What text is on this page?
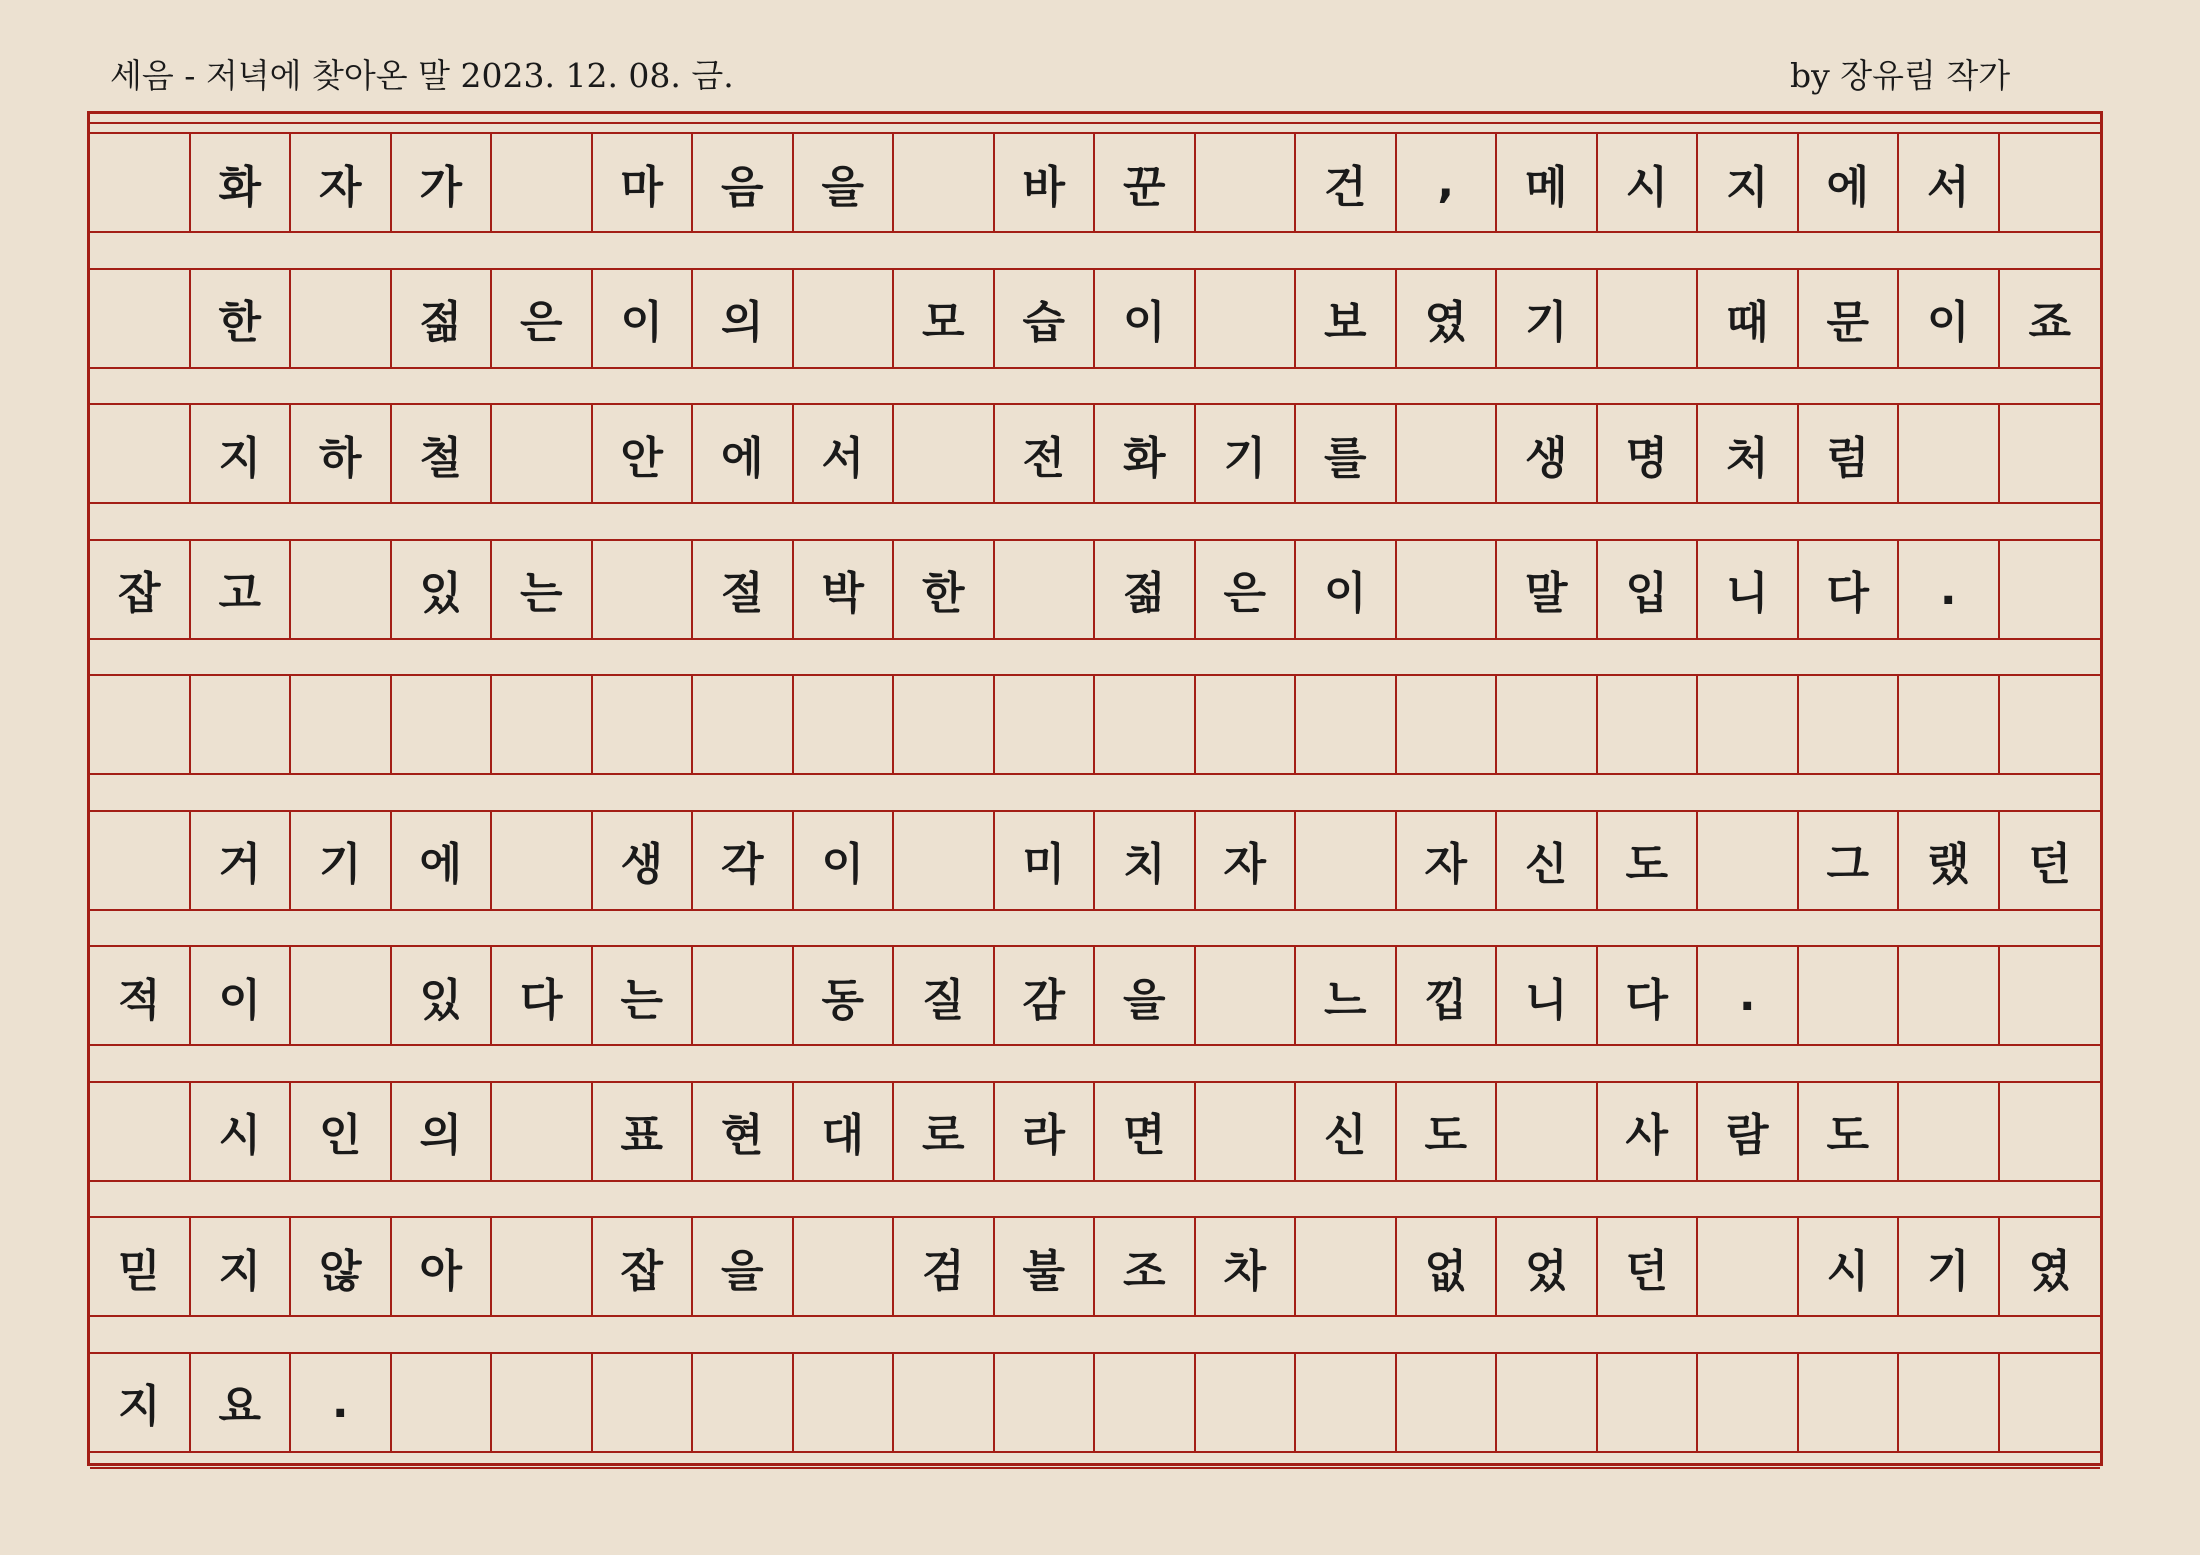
세음 - 저녁에 찾아온 말 2023. 12. 08. 금.	by 장유림 작가
화	자	가	마	음	을	바	꾼	건	,	메	시	지	에	서
한	젊	은	이	의	모	습	이	보	였	기	때	문	이	죠
지	하	철	안	에	서	전	화	기	를	생	명	처	럼
잡	고	있	는	절	박	한	젊	은	이	말	입	니	다	.
거	기	에	생	각	이	미	치	자	자	신	도	그	랬	던
적	이	있	다	는	동	질	감	을	느	낍	니	다	.
시	인	의	표	현	대	로	라	면	신	도	사	람	도
믿	지	않	아	잡	을	검	불	조	차	없	었	던	시	기	였
지	요	.
